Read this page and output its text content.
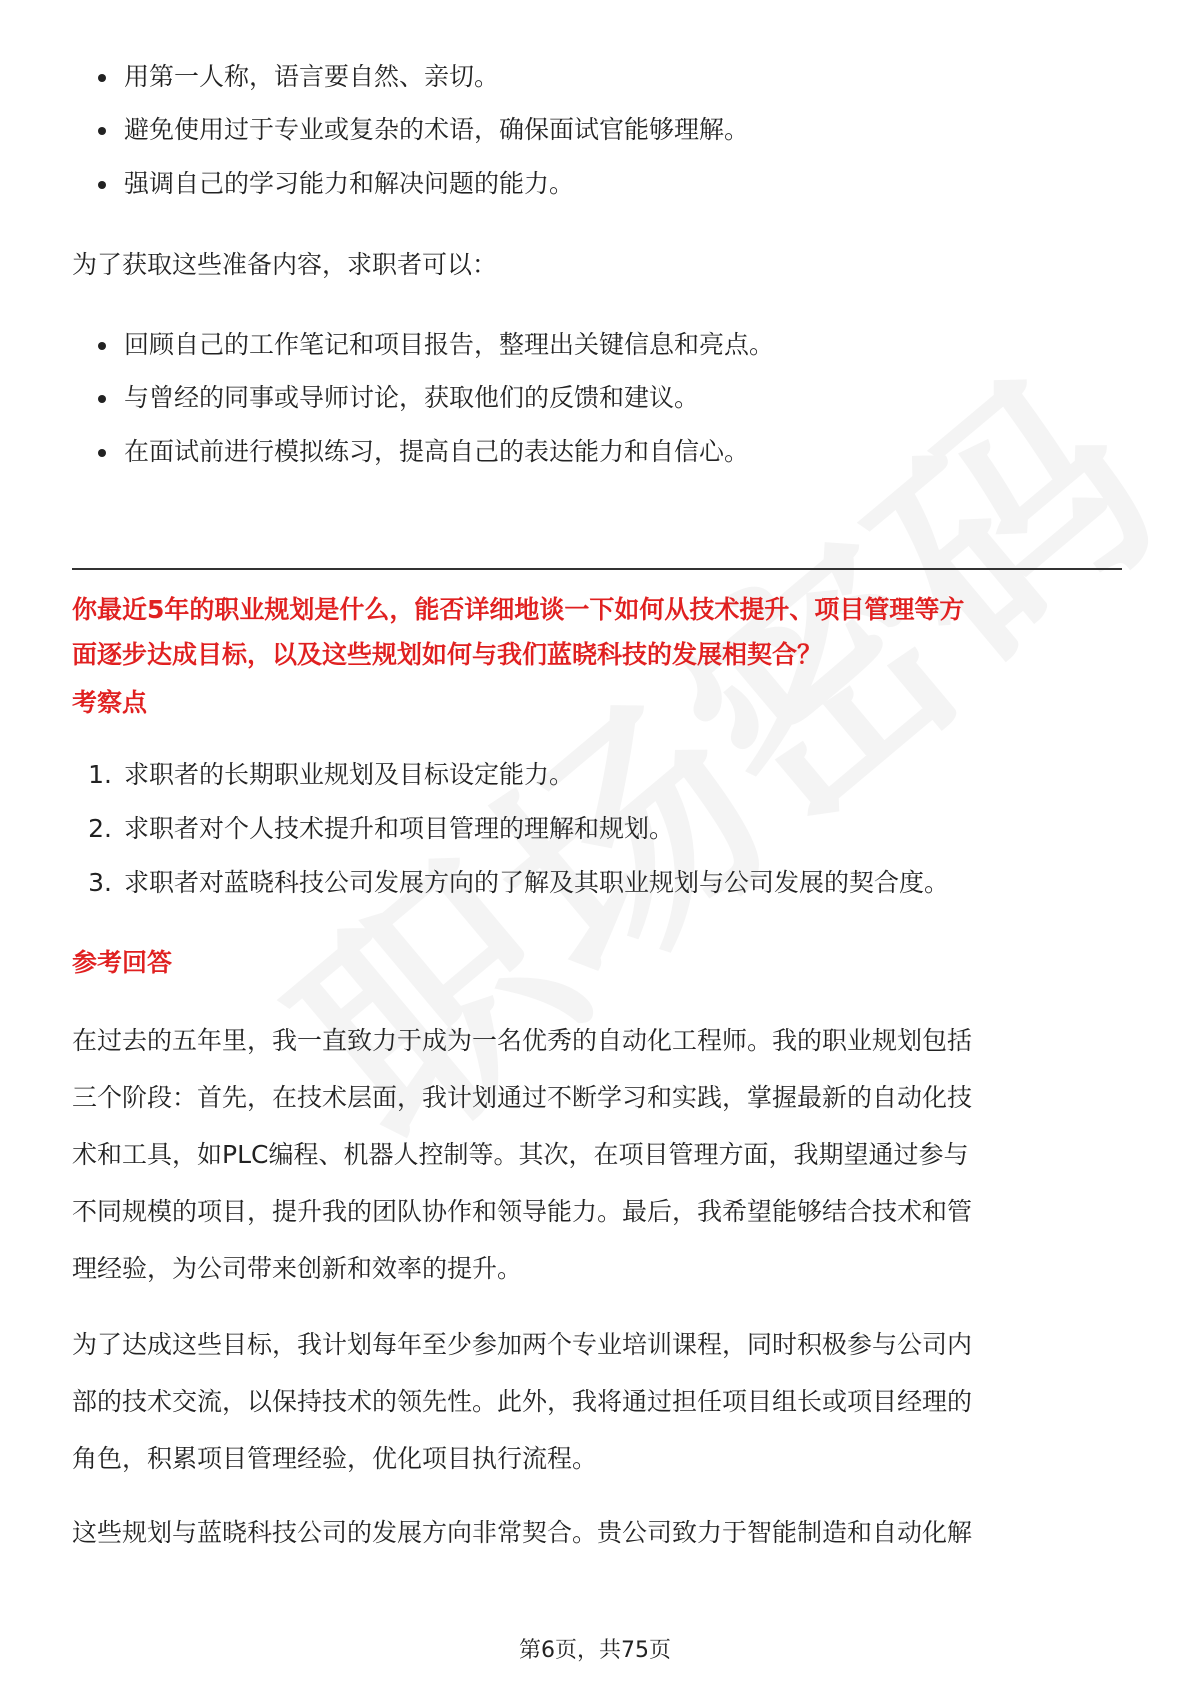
用第一人称，语言要自然、亲切。
避免使用过于专业或复杂的术语，确保面试官能够理解。
强调自己的学习能力和解决问题的能力。
为了获取这些准备内容，求职者可以：
回顾自己的工作笔记和项目报告，整理出关键信息和亮点。
与曾经的同事或导师讨论，获取他们的反馈和建议。
在面试前进行模拟练习，提高自己的表达能力和自信心。
你最近5年的职业规划是什么，能否详细地谈一下如何从技术提升、项目管理等方
面逐步达成目标，以及这些规划如何与我们蓝晓科技的发展相契合？
考察点
1. 求职者的长期职业规划及目标设定能力。
2. 求职者对个人技术提升和项目管理的理解和规划。
3. 求职者对蓝晓科技公司发展方向的了解及其职业规划与公司发展的契合度。
参考回答
在过去的五年里，我一直致力于成为一名优秀的自动化工程师。我的职业规划包括
三个阶段：首先，在技术层面，我计划通过不断学习和实践，掌握最新的自动化技
术和工具，如PLC编程、机器人控制等。其次，在项目管理方面，我期望通过参与
不同规模的项目，提升我的团队协作和领导能力。最后，我希望能够结合技术和管
理经验，为公司带来创新和效率的提升。
为了达成这些目标，我计划每年至少参加两个专业培训课程，同时积极参与公司内
部的技术交流，以保持技术的领先性。此外，我将通过担任项目组长或项目经理的
角色，积累项目管理经验，优化项目执行流程。
这些规划与蓝晓科技公司的发展方向非常契合。贵公司致力于智能制造和自动化解
第6页，共75页
